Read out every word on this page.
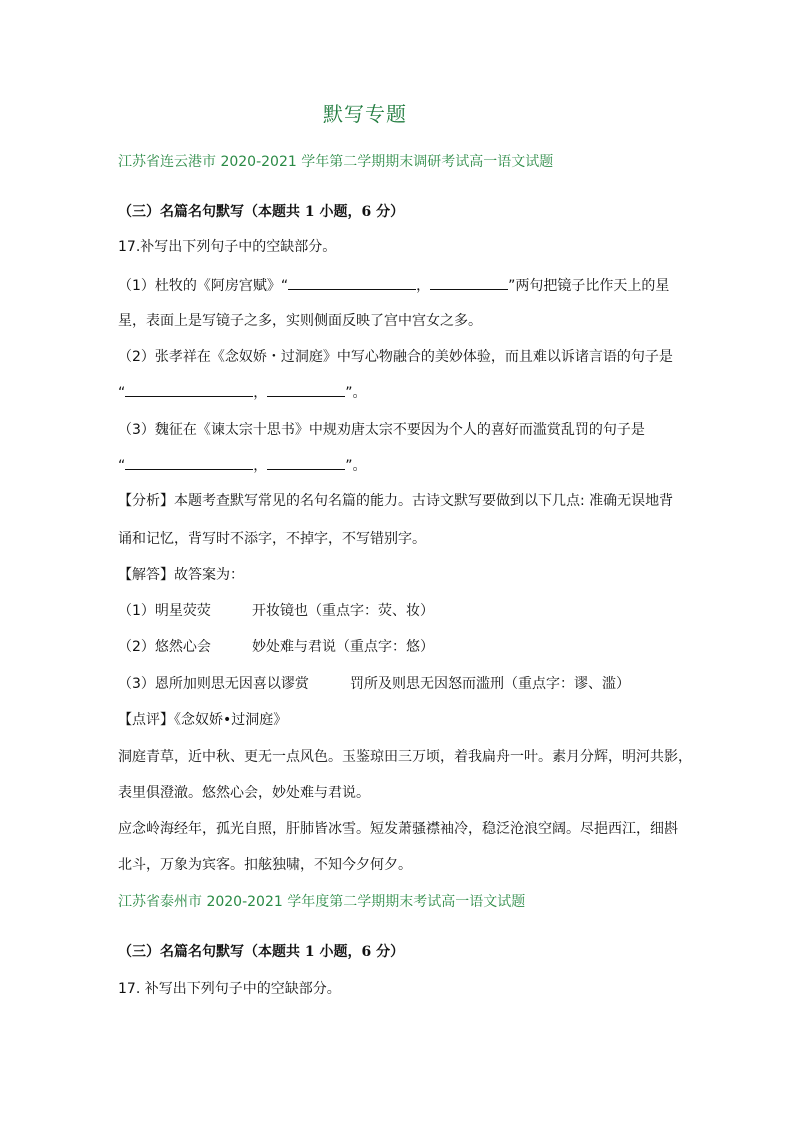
默写专题
江苏省连云港市 2020-2021 学年第二学期期末调研考试高一语文试题
（三）名篇名句默写（本题共 1 小题，6 分）
17.补写出下列句子中的空缺部分。
（1）杜牧的《阿房宫赋》“	，	”两句把镜子比作天上的星
星，表面上是写镜子之多，实则侧面反映了宫中宫女之多。
（2）张孝祥在《念奴娇・过洞庭》中写心物融合的美妙体验，而且难以诉诸言语的句子是
“	，	”。
（3）魏征在《谏太宗十思书》中规劝唐太宗不要因为个人的喜好而滥赏乱罚的句子是
“	，	”。
【分析】本题考查默写常见的名句名篇的能力。古诗文默写要做到以下几点: 准确无误地背
诵和记忆，背写时不添字，不掉字，不写错别字。
【解答】故答案为：
（1）明星荧荧	开妆镜也（重点字：荧、妆）
（2）悠然心会	妙处难与君说（重点字：悠）
（3）恩所加则思无因喜以谬赏	罚所及则思无因怒而滥刑（重点字：谬、滥）
【点评】《念奴娇•过洞庭》
洞庭青草，近中秋、更无一点风色。玉鉴琼田三万顷，着我扁舟一叶。素月分辉，明河共影，
表里俱澄澈。悠然心会，妙处难与君说。
应念岭海经年，孤光自照，肝肺皆冰雪。短发萧骚襟袖冷，稳泛沧浪空阔。尽挹西江，细斟
北斗，万象为宾客。扣舷独啸，不知今夕何夕。
江苏省泰州市 2020-2021 学年度第二学期期末考试高一语文试题
（三）名篇名句默写（本题共 1 小题，6 分）
17. 补写出下列句子中的空缺部分。
